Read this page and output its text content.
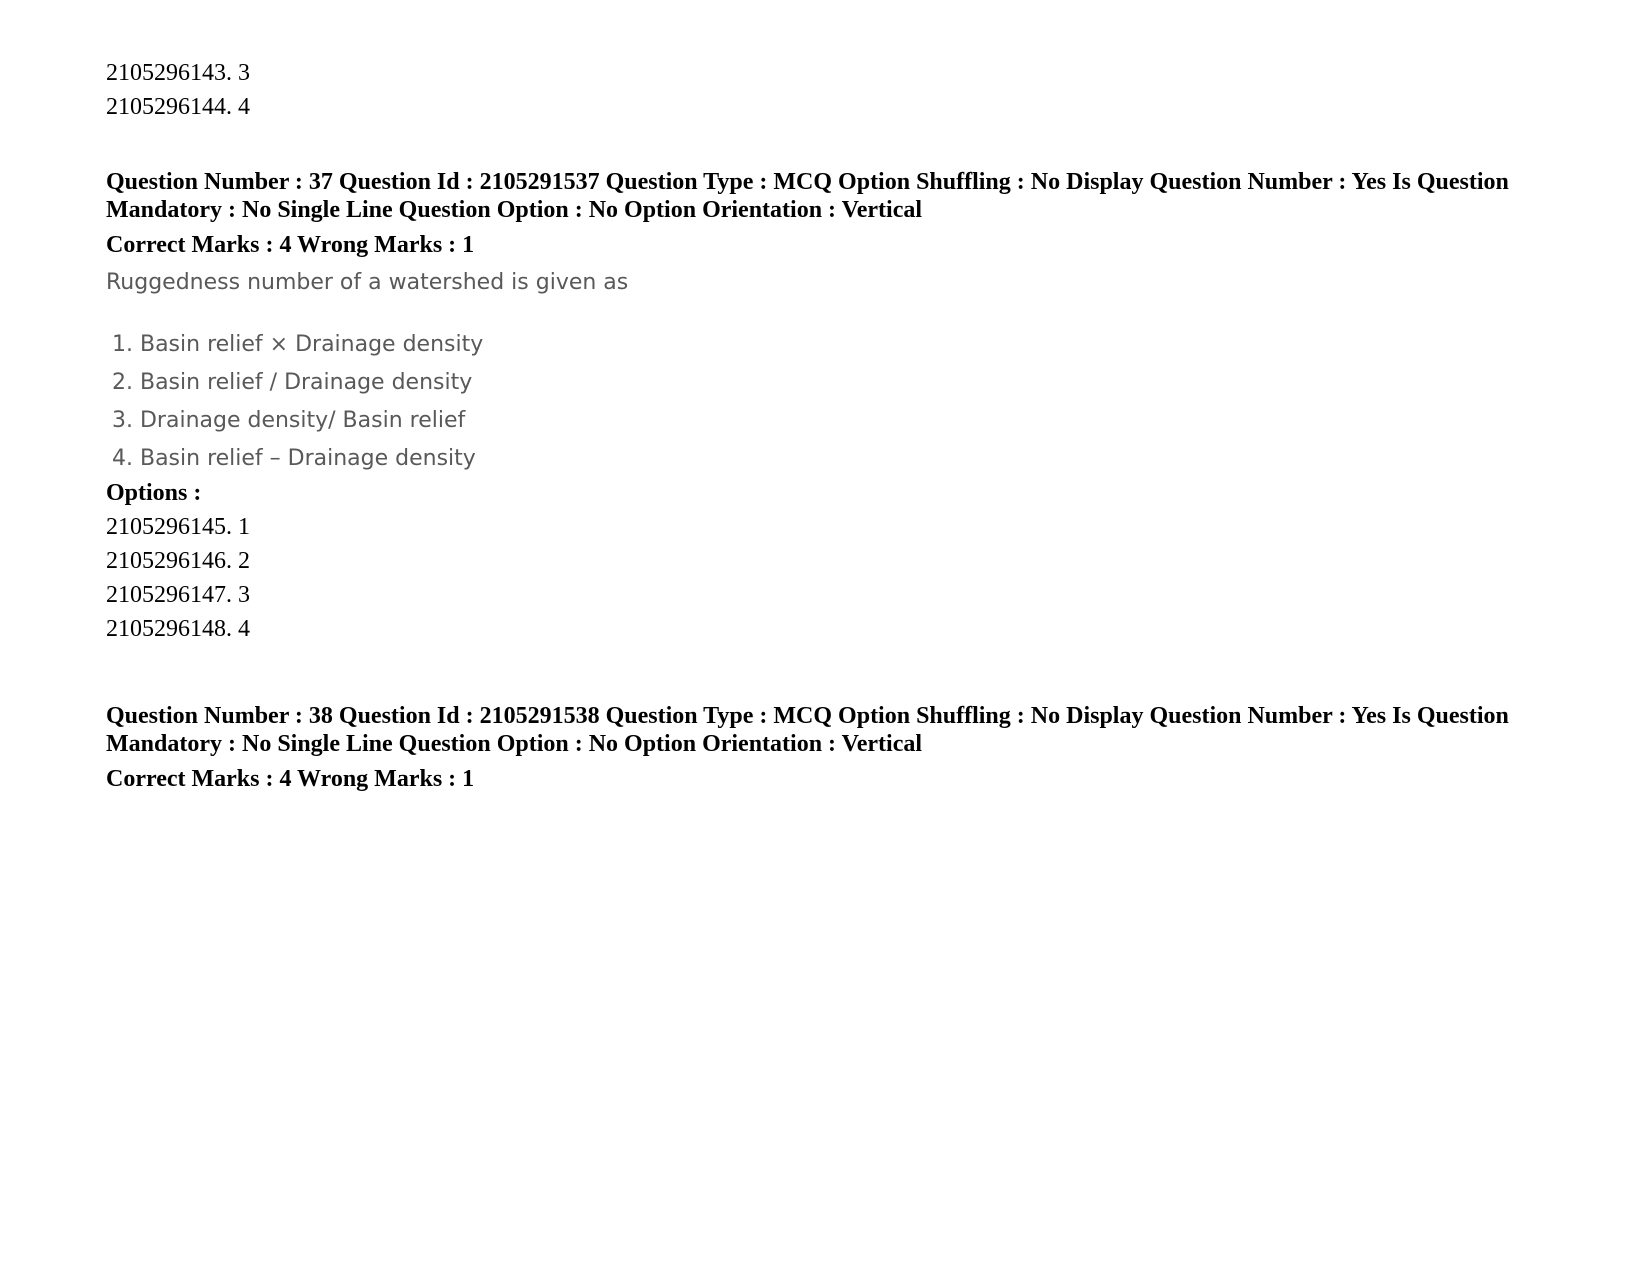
2105296143. 3
2105296144. 4
Question Number : 37 Question Id : 2105291537 Question Type : MCQ Option Shuffling : No Display Question Number : Yes Is Question Mandatory : No Single Line Question Option : No Option Orientation : Vertical
Correct Marks : 4 Wrong Marks : 1
Ruggedness number of a watershed is given as
1. Basin relief × Drainage density
2. Basin relief / Drainage density
3. Drainage density/ Basin relief
4. Basin relief – Drainage density
Options :
2105296145. 1
2105296146. 2
2105296147. 3
2105296148. 4
Question Number : 38 Question Id : 2105291538 Question Type : MCQ Option Shuffling : No Display Question Number : Yes Is Question Mandatory : No Single Line Question Option : No Option Orientation : Vertical
Correct Marks : 4 Wrong Marks : 1
